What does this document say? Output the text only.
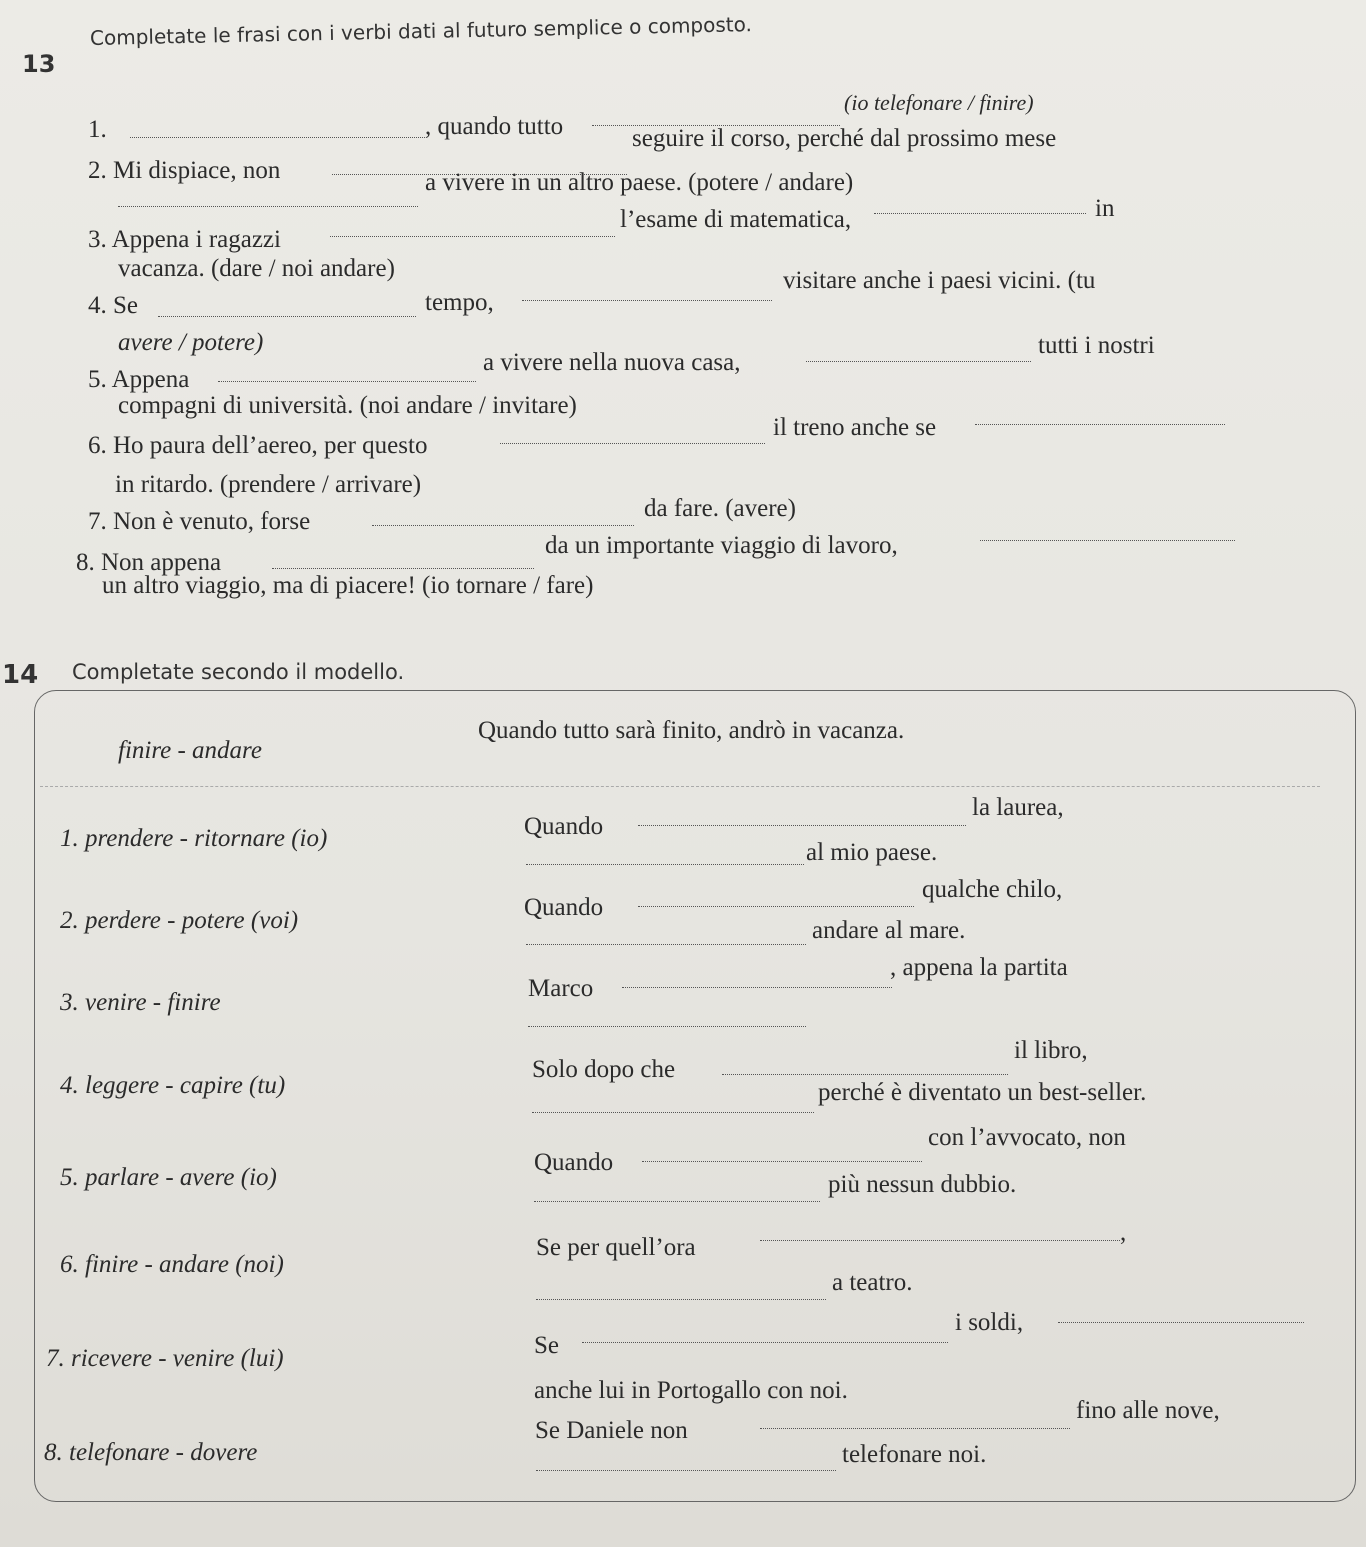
13
Completate le frasi con i verbi dati al futuro semplice o composto.
1.	, quando tutto
(io telefonare / finire)
2. Mi dispiace, non
seguire il corso, perché dal prossimo mese
a vivere in un altro paese. (potere / andare)
3. Appena i ragazzi
l’esame di matematica,	in
vacanza. (dare / noi andare)
4. Se	tempo,
visitare anche i paesi vicini. (tu
avere / potere)
5. Appena
a vivere nella nuova casa,
tutti i nostri
compagni di università. (noi andare / invitare)
6. Ho paura dell’aereo, per questo
il treno anche se
in ritardo. (prendere / arrivare)
7. Non è venuto, forse	da fare. (avere)
8. Non appena
da un importante viaggio di lavoro,
un altro viaggio, ma di piacere! (io tornare / fare)
14 Completate secondo il modello.
finire - andare
Quando tutto sarà finito, andrò in vacanza.
1. prendere - ritornare (io)	Quando
la laurea,
al mio paese.
2. perdere - potere (voi)	Quando
qualche chilo,
andare al mare.
3. venire - finire
Marco
, appena la partita
4. leggere - capire (tu)
Solo dopo che
il libro,
perché è diventato un best-seller.
5. parlare - avere (io)
Quando
con l’avvocato, non
più nessun dubbio.
6. finire - andare (noi)
Se per quell’ora
,
a teatro.
7. ricevere - venire (lui)	Se
i soldi,
anche lui in Portogallo con noi.
8. telefonare - dovere
Se Daniele non
fino alle nove,
telefonare noi.
